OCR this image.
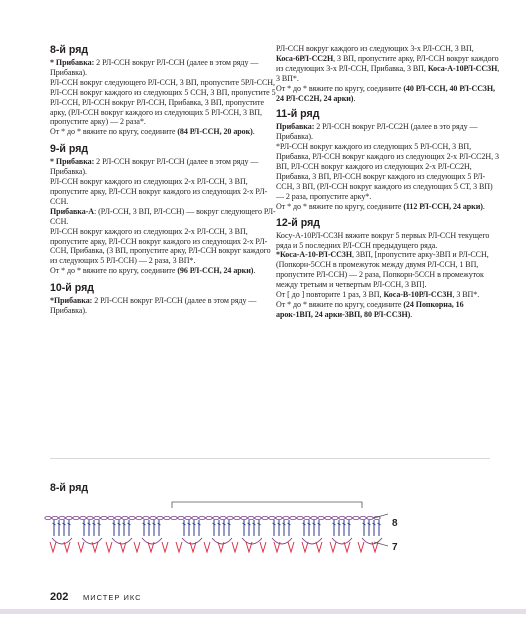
8-й ряд

* Прибавка: 2 РЛ-ССН вокруг РЛ-ССН (далее в этом ряду — Прибавка).

РЛ-ССН вокруг следующего РЛ-ССН, 3 ВП, пропустите 5РЛ-ССН, РЛ-ССН вокруг каждого из следующих 5 ССН, 3 ВП, пропустите 5 РЛ-ССН, РЛ-ССН вокруг РЛ-ССН, Прибавка, 3 ВП, пропустите арку, (РЛ-ССН вокруг каждого из следующих 5 РЛ-ССН, 3 ВП, пропустите арку) — 2 раза*.

От * до * вяжите по кругу, соедините (84 РЛ-ССН, 20 арок).

9-й ряд

* Прибавка: 2 РЛ-ССН вокруг РЛ-ССН (далее в этом ряду — Прибавка).

РЛ-ССН вокруг каждого из следующих 2-х РЛ-ССН, 3 ВП, пропустите арку, РЛ-ССН вокруг каждого из следующих 2-х РЛ-ССН.

Прибавка-А: (РЛ-ССН, 3 ВП, РЛ-ССН) — вокруг следующего РЛ-ССН.

РЛ-ССН вокруг каждого из следующих 2-х РЛ-ССН, 3 ВП, пропустите арку, РЛ-ССН вокруг каждого из следующих 2-х РЛ-ССН, Прибавка, (3 ВП, пропустите арку, РЛ-ССН вокруг каждого из следующих 5 РЛ-ССН) — 2 раза, 3 ВП*.

От * до * вяжите по кругу, соедините (96 РЛ-ССН, 24 арки).

10-й ряд

*Прибавка: 2 РЛ-ССН вокруг РЛ-ССН (далее в этом ряду — Прибавка).

РЛ-ССН вокруг каждого из следующих 3-х РЛ-ССН, 3 ВП, Коса-6РЛ-СС2Н, 3 ВП, пропустите арку, РЛ-ССН вокруг каждого из следующих 3-х РЛ-ССН, Прибавка, 3 ВП, Коса-А-10РЛ-СС3Н, 3 ВП*.

От * до * вяжите по кругу, соедините (40 РЛ-ССН, 40 РЛ-СС3Н, 24 РЛ-СС2Н, 24 арки).

11-й ряд

Прибавка: 2 РЛ-ССН вокруг РЛ-СС2Н (далее в это ряду — Прибавка).

*РЛ-ССН вокруг каждого из следующих 5 РЛ-ССН, 3 ВП, Прибавка, РЛ-ССН вокруг каждого из следующих 2-х РЛ-СС2Н, 3 ВП, РЛ-ССН вокруг каждого из следующих 2-х РЛ-СС2Н, Прибавка, 3 ВП, РЛ-ССН вокруг каждого из следующих 5 РЛ-ССН, 3 ВП, (РЛ-ССН вокруг каждого из следующих 5 СТ, 3 ВП) — 2 раза, пропустите арку*.

От * до * вяжите по кругу, соедините (112 РЛ-ССН, 24 арки).

12-й ряд

Косу-А-10РЛ-СС3Н вяжите вокруг 5 первых РЛ-ССН текущего ряда и 5 последних РЛ-ССН предыдущего ряда.

*Коса-А-10-РЛ-СС3Н, 3ВП, [пропустите арку-3ВП и РЛ-ССН, (Попкорн-5ССН в промежуток между двумя РЛ-ССН, 1 ВП, пропустите РЛ-ССН) — 2 раза, Попкорн-5ССН в промежуток между третьим и четвертым РЛ-ССН, 3 ВП].

От [ до ] повторите 1 раз, 3 ВП, Коса-В-10РЛ-СС3Н, 3 ВП*.

От * до * вяжите по кругу, соедините (24 Попкорна, 16 арок-1ВП, 24 арки-3ВП, 80 РЛ-СС3Н).

8-й ряд
8
7
202 МИСТЕР ИКС
